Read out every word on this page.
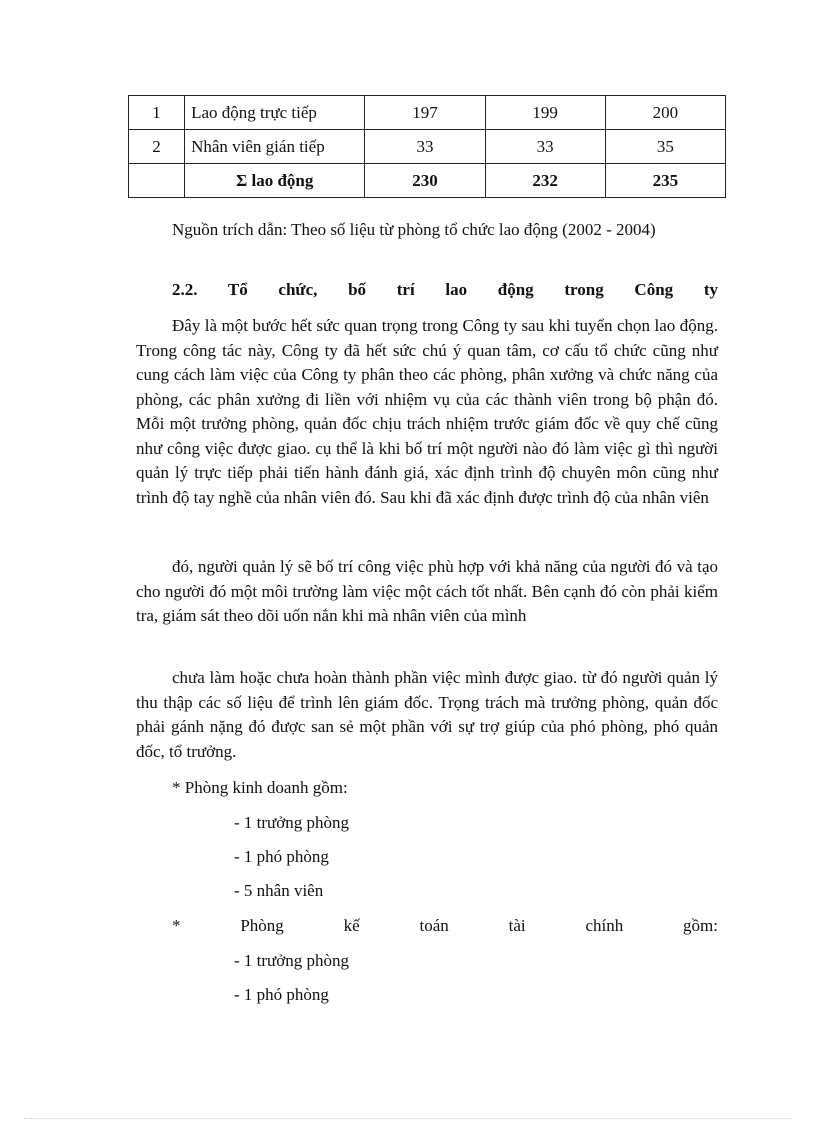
1	Lao động trực tiếp	197	199	200
2	Nhân viên gián tiếp	33	33	35
	Σ lao động	230	232	235
Nguồn trích dẫn: Theo số liệu từ phòng tổ chức lao động (2002 - 2004)
2.2. Tổ chức, bố trí lao động trong Công ty
Đây là một bước hết sức quan trọng trong Công ty sau khi tuyển chọn lao động. Trong công tác này, Công ty đã hết sức chú ý quan tâm, cơ cấu tổ chức cũng như cung cách làm việc của Công ty phân theo các phòng, phân xưởng và chức năng của phòng, các phân xưởng đi liền với nhiệm vụ của các thành viên trong bộ phận đó. Mỗi một trưởng phòng, quản đốc chịu trách nhiệm trước giám đốc về quy chế cũng như công việc được giao. cụ thể là khi bố trí một người nào đó làm việc gì thì người quản lý trực tiếp phải tiến hành đánh giá, xác định trình độ chuyên môn cũng như trình độ tay nghề của nhân viên đó. Sau khi đã xác định được trình độ của nhân viên
đó, người quản lý sẽ bố trí công việc phù hợp với khả năng của người đó và tạo cho người đó một môi trường làm việc một cách tốt nhất. Bên cạnh đó còn phải kiểm tra, giám sát theo dõi uốn nắn khi mà nhân viên của mình
chưa làm hoặc chưa hoàn thành phần việc mình được giao. từ đó người quản lý thu thập các số liệu để trình lên giám đốc. Trọng trách mà trưởng phòng, quản đốc phải gánh nặng đó được san sẻ một phần với sự trợ giúp của phó phòng, phó quản đốc, tổ trưởng.
* Phòng kinh doanh gồm:
- 1 trưởng phòng
- 1 phó phòng
- 5 nhân viên
* Phòng kế toán tài chính gồm:
- 1 trưởng phòng
- 1 phó phòng
